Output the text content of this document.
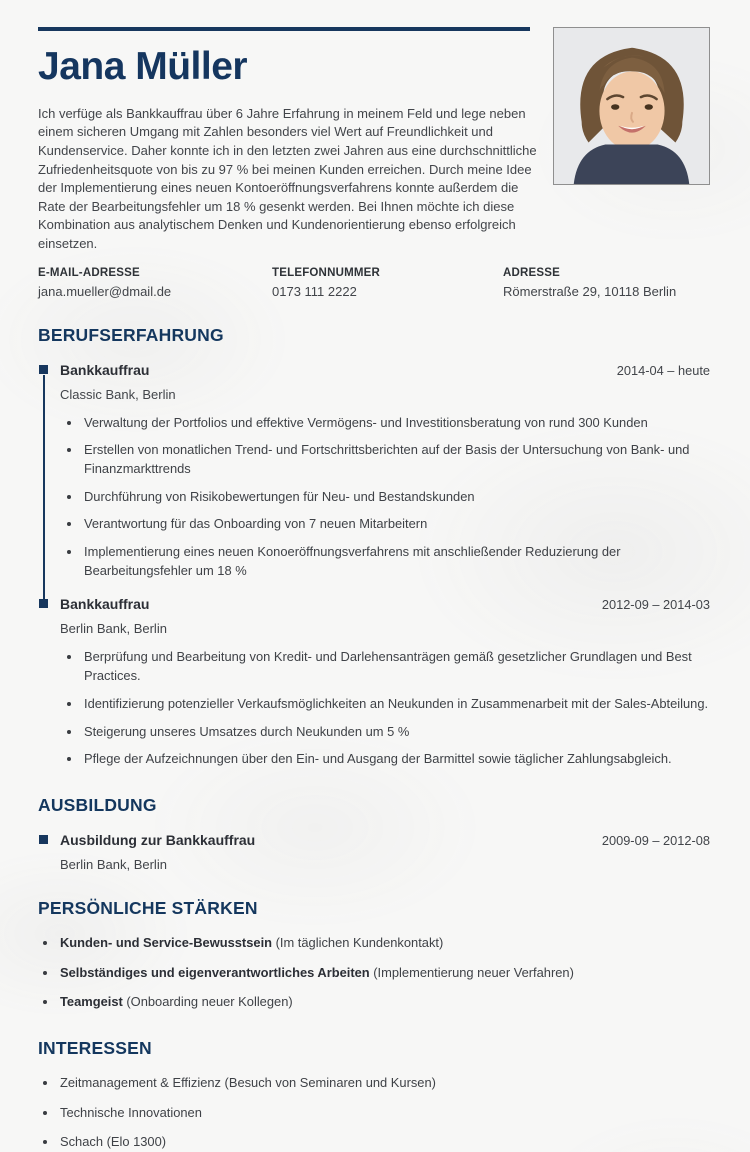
Jana Müller

Ich verfüge als Bankkauffrau über 6 Jahre Erfahrung in meinem Feld und lege neben einem sicheren Umgang mit Zahlen besonders viel Wert auf Freundlichkeit und Kundenservice. Daher konnte ich in den letzten zwei Jahren aus eine durchschnittliche Zufriedenheitsquote von bis zu 97 % bei meinen Kunden erreichen. Durch meine Idee der Implementierung eines neuen Kontoeröffnungsverfahrens konnte außerdem die Rate der Bearbeitungsfehler um 18 % gesenkt werden. Bei Ihnen möchte ich diese Kombination aus analytischem Denken und Kundenorientierung ebenso erfolgreich einsetzen.

E-MAIL-ADRESSE
jana.mueller@dmail.de
TELEFONNUMMER
0173 111 2222
ADRESSE
Römerstraße 29, 10118 Berlin
BERUFSERFAHRUNG
Bankkauffrau	2014-04 – heute
Classic Bank, Berlin
Verwaltung der Portfolios und effektive Vermögens- und Investitionsberatung von rund 300 Kunden
Erstellen von monatlichen Trend- und Fortschrittsberichten auf der Basis der Untersuchung von Bank- und Finanzmarkttrends
Durchführung von Risikobewertungen für Neu- und Bestandskunden
Verantwortung für das Onboarding von 7 neuen Mitarbeitern
Implementierung eines neuen Konoeröffnungsverfahrens mit anschließender Reduzierung der Bearbeitungsfehler um 18 %
Bankkauffrau	2012-09 – 2014-03
Berlin Bank, Berlin
Berprüfung und Bearbeitung von Kredit- und Darlehensanträgen gemäß gesetzlicher Grundlagen und Best Practices.
Identifizierung potenzieller Verkaufsmöglichkeiten an Neukunden in Zusammenarbeit mit der Sales-Abteilung.
Steigerung unseres Umsatzes durch Neukunden um 5 %
Pflege der Aufzeichnungen über den Ein- und Ausgang der Barmittel sowie täglicher Zahlungsabgleich.
AUSBILDUNG
Ausbildung zur Bankkauffrau	2009-09 – 2012-08
Berlin Bank, Berlin
PERSÖNLICHE STÄRKEN
Kunden- und Service-Bewusstsein (Im täglichen Kundenkontakt)
Selbständiges und eigenverantwortliches Arbeiten (Implementierung neuer Verfahren)
Teamgeist (Onboarding neuer Kollegen)
INTERESSEN
Zeitmanagement & Effizienz (Besuch von Seminaren und Kursen)
Technische Innovationen
Schach (Elo 1300)
